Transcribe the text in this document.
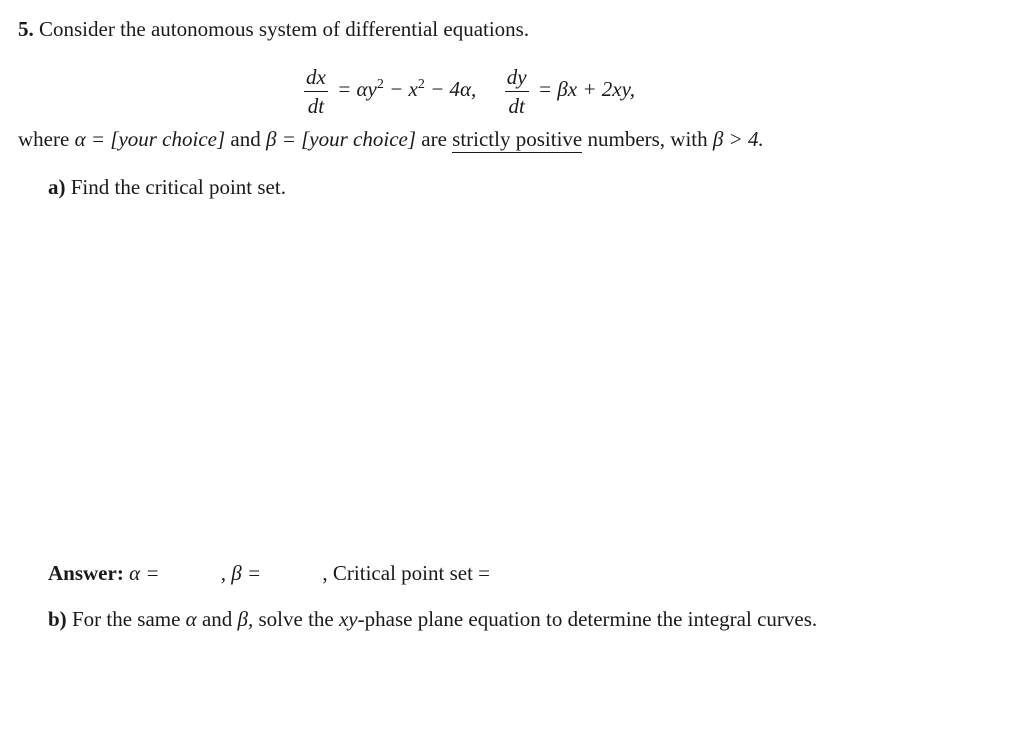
5. Consider the autonomous system of differential equations.
$\frac{dx}{dt} = \alpha y^2 - x^2 - 4\alpha$, $\frac{dy}{dt} = \beta x + 2xy$,
where α = [your choice] and β = [your choice] are strictly positive numbers, with β > 4.
a) Find the critical point set.
Answer: α =	, β =	, Critical point set =
b) For the same α and β, solve the xy-phase plane equation to determine the integral curves.
